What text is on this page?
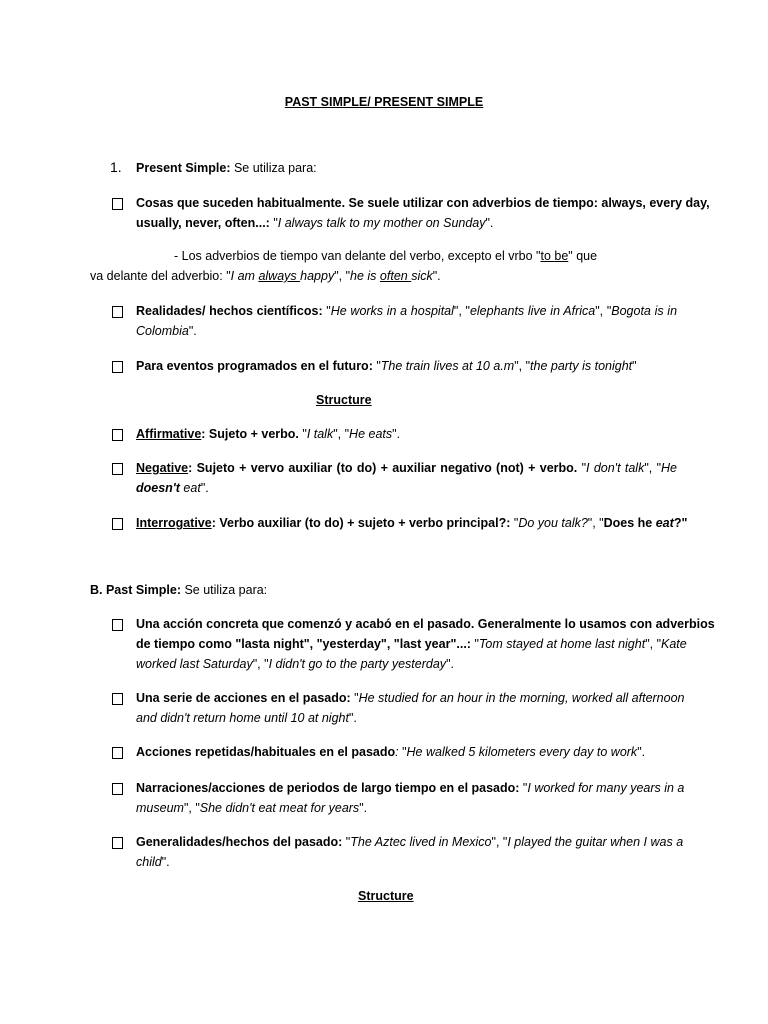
PAST SIMPLE/ PRESENT SIMPLE
1. Present Simple: Se utiliza para:
Cosas que suceden habitualmente. Se suele utilizar con adverbios de tiempo: always, every day,
usually, never, often...: "I always talk to my mother on Sunday".
- Los adverbios de tiempo van delante del verbo, excepto el vrbo "to be" que
va delante del adverbio: "I am always happy", "he is often sick".
Realidades/ hechos científicos: "He works in a hospital", "elephants live in Africa", "Bogota is in
Colombia".
Para eventos programados en el futuro: "The train lives at 10 a.m", "the party is tonight"
Structure
Affirmative: Sujeto + verbo. "I talk", "He eats".
Negative: Sujeto + vervo auxiliar (to do) + auxiliar negativo (not) + verbo. "I don't talk", "He
doesn't eat".
Interrogative: Verbo auxiliar (to do) + sujeto + verbo principal?: "Do you talk?", "Does he eat?"
B. Past Simple: Se utiliza para:
Una acción concreta que comenzó y acabó en el pasado. Generalmente lo usamos con adverbios
de tiempo como "lasta night", "yesterday", "last year"...: "Tom stayed at home last night", "Kate
worked last Saturday", "I didn't go to the party yesterday".
Una serie de acciones en el pasado: "He studied for an hour in the morning, worked all afternoon
and didn't return home until 10 at night".
Acciones repetidas/habituales en el pasado: "He walked 5 kilometers every day to work".
Narraciones/acciones de periodos de largo tiempo en el pasado: "I worked for many years in a
museum", "She didn't eat meat for years".
Generalidades/hechos del pasado: "The Aztec lived in Mexico", "I played the guitar when I was a
child".
Structure
